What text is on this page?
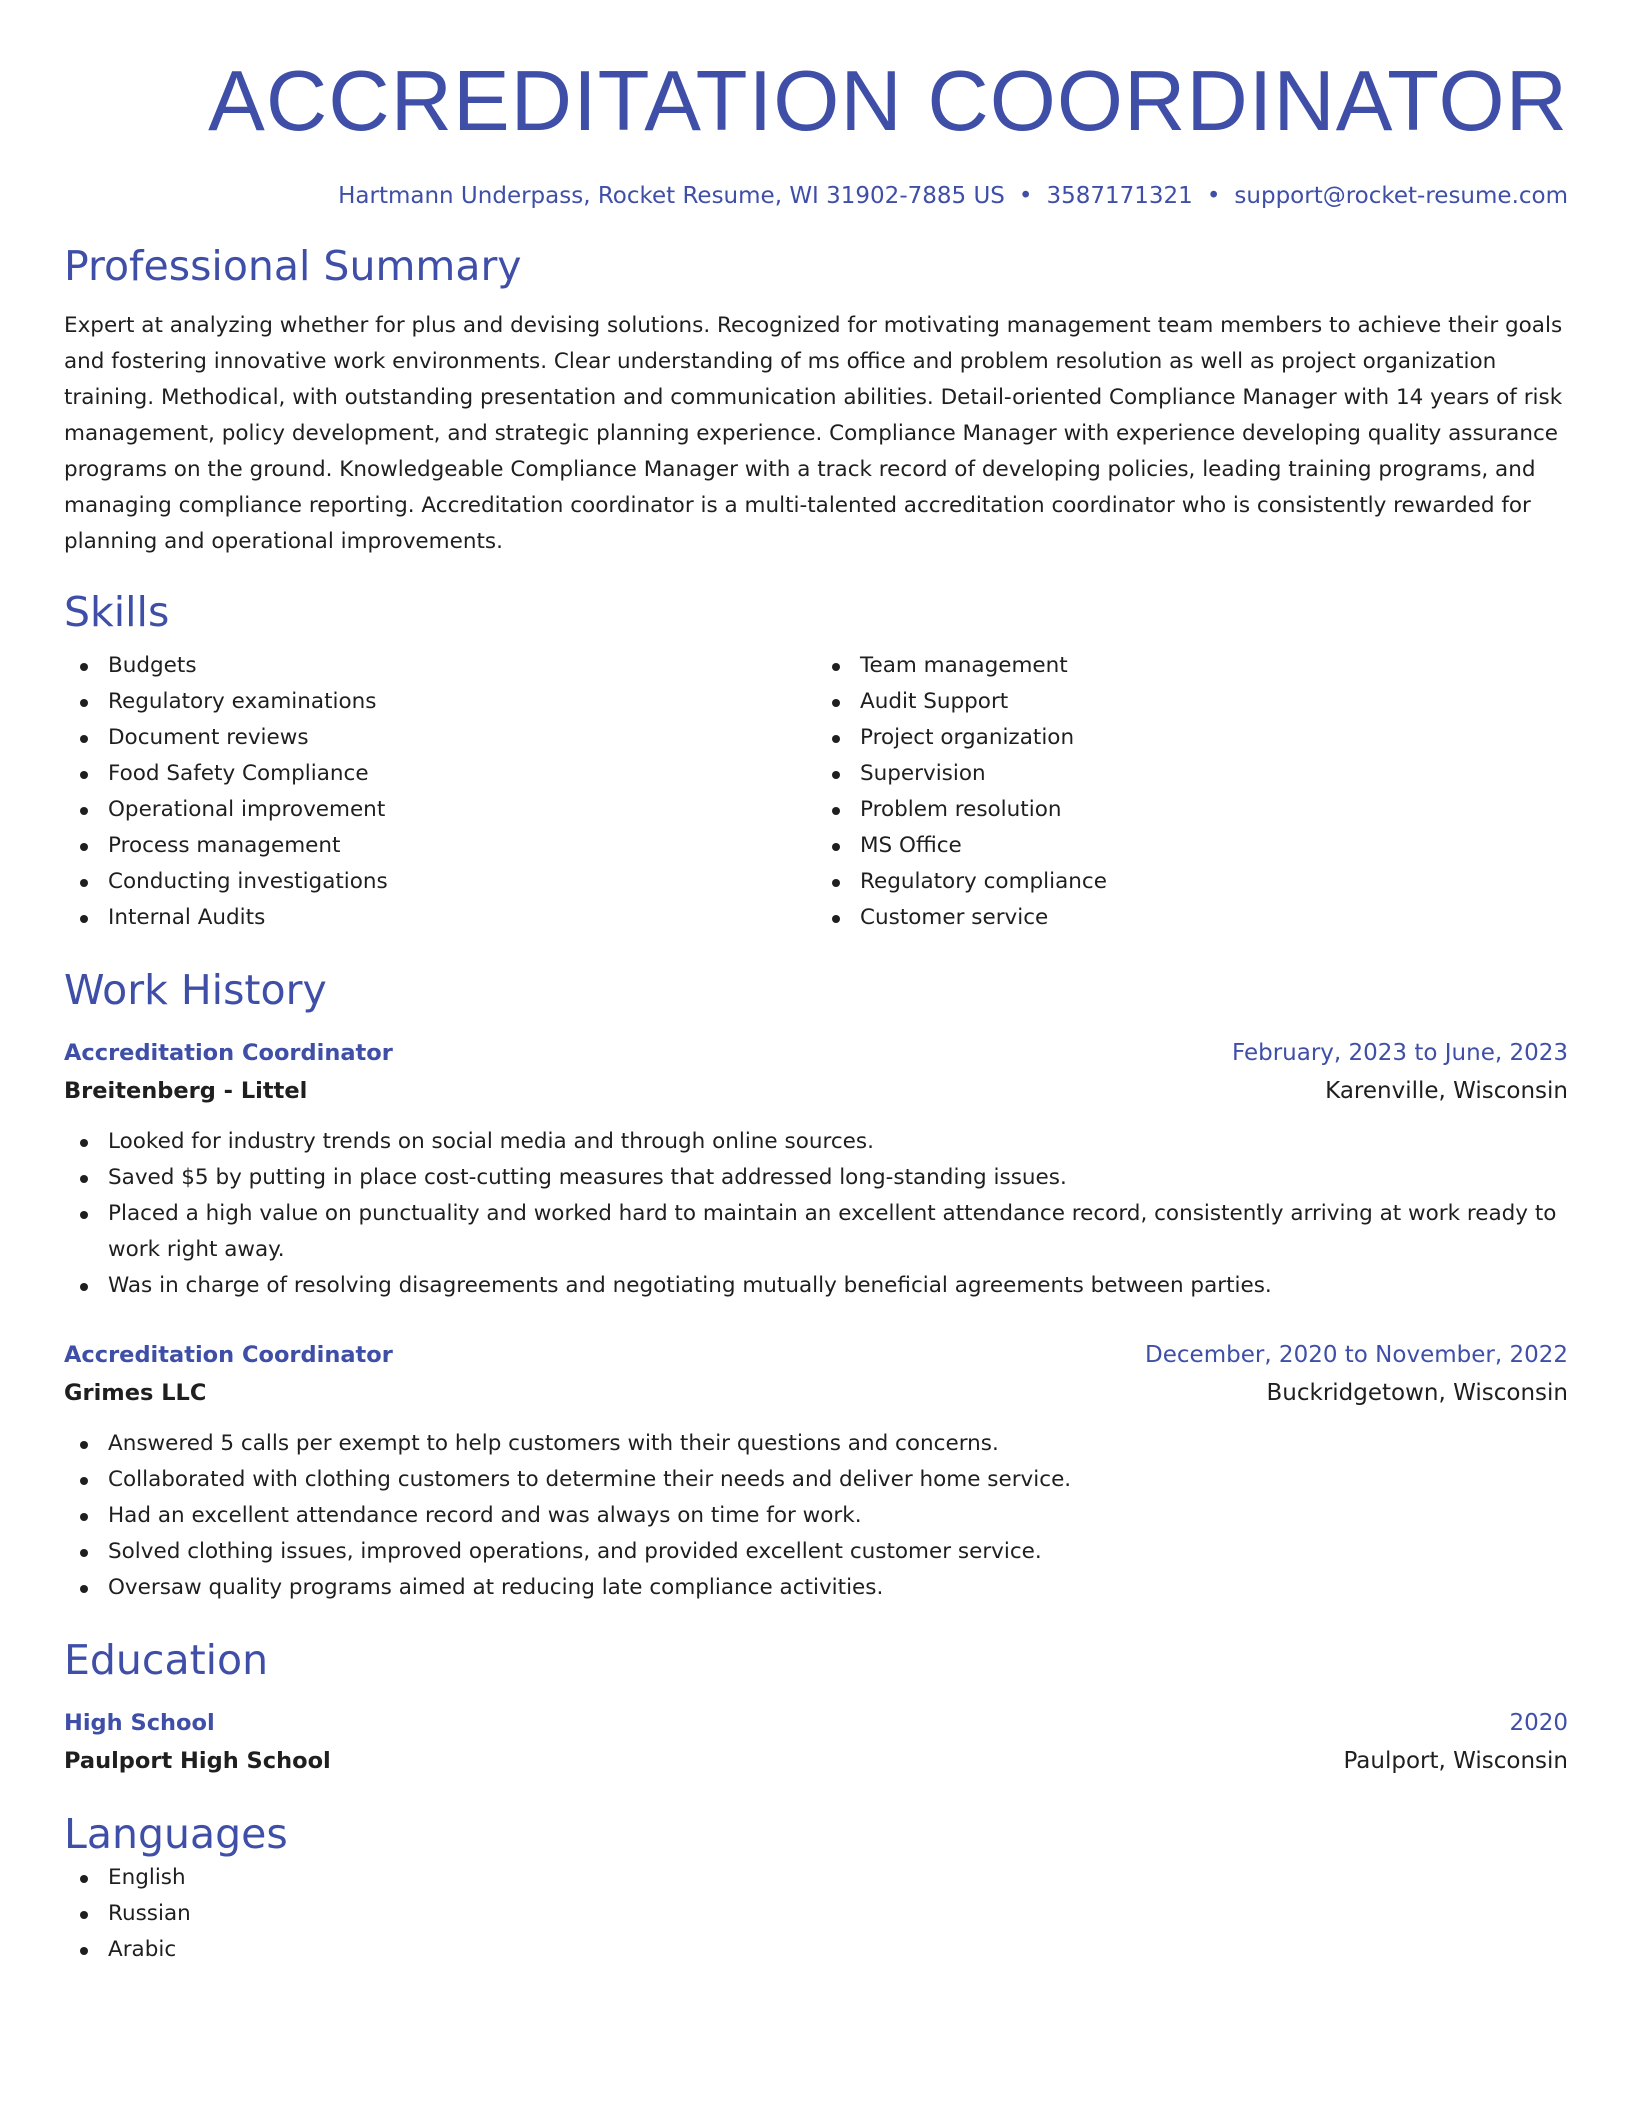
ACCREDITATION COORDINATOR
Hartmann Underpass, Rocket Resume, WI 31902-7885 US • 3587171321 • support@rocket-resume.com
Professional Summary
Expert at analyzing whether for plus and devising solutions. Recognized for motivating management team members to achieve their goals and fostering innovative work environments. Clear understanding of ms office and problem resolution as well as project organization training. Methodical, with outstanding presentation and communication abilities. Detail-oriented Compliance Manager with 14 years of risk management, policy development, and strategic planning experience. Compliance Manager with experience developing quality assurance programs on the ground. Knowledgeable Compliance Manager with a track record of developing policies, leading training programs, and managing compliance reporting. Accreditation coordinator is a multi-talented accreditation coordinator who is consistently rewarded for planning and operational improvements.
Skills
Budgets
Regulatory examinations
Document reviews
Food Safety Compliance
Operational improvement
Process management
Conducting investigations
Internal Audits
Team management
Audit Support
Project organization
Supervision
Problem resolution
MS Office
Regulatory compliance
Customer service
Work History
Accreditation Coordinator	February, 2023 to June, 2023
Breitenberg - Littel	Karenville, Wisconsin
Looked for industry trends on social media and through online sources.
Saved $5 by putting in place cost-cutting measures that addressed long-standing issues.
Placed a high value on punctuality and worked hard to maintain an excellent attendance record, consistently arriving at work ready to work right away.
Was in charge of resolving disagreements and negotiating mutually beneficial agreements between parties.
Accreditation Coordinator	December, 2020 to November, 2022
Grimes LLC	Buckridgetown, Wisconsin
Answered 5 calls per exempt to help customers with their questions and concerns.
Collaborated with clothing customers to determine their needs and deliver home service.
Had an excellent attendance record and was always on time for work.
Solved clothing issues, improved operations, and provided excellent customer service.
Oversaw quality programs aimed at reducing late compliance activities.
Education
High School	2020
Paulport High School	Paulport, Wisconsin
Languages
English
Russian
Arabic
